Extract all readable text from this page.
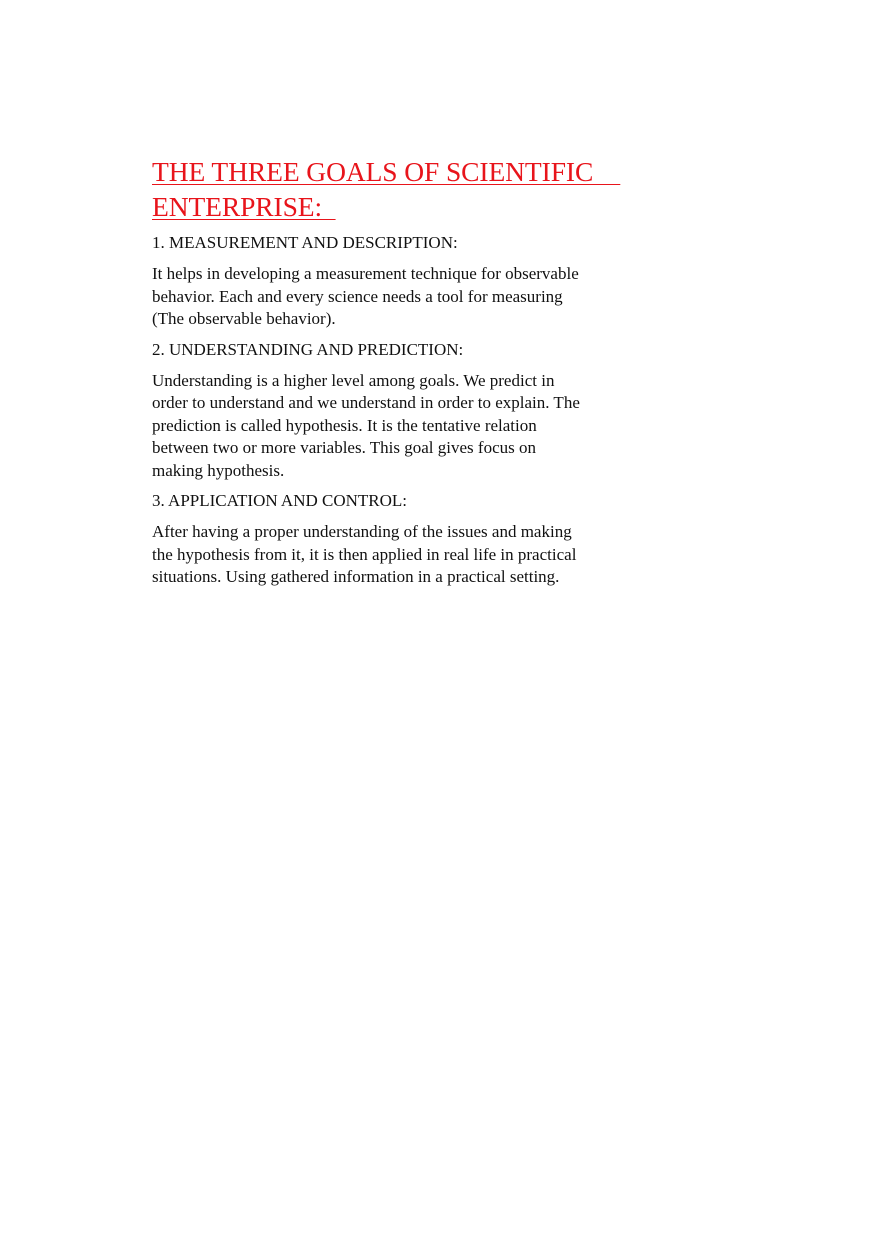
THE THREE GOALS OF SCIENTIFIC
ENTERPRISE:

1. MEASUREMENT AND DESCRIPTION:

It helps in developing a measurement technique for observable
behavior. Each and every science needs a tool for measuring
(The observable behavior).

2. UNDERSTANDING AND PREDICTION:

Understanding is a higher level among goals. We predict in
order to understand and we understand in order to explain. The
prediction is called hypothesis. It is the tentative relation
between two or more variables. This goal gives focus on
making hypothesis.

3. APPLICATION AND CONTROL:

After having a proper understanding of the issues and making
the hypothesis from it, it is then applied in real life in practical
situations. Using gathered information in a practical setting.
